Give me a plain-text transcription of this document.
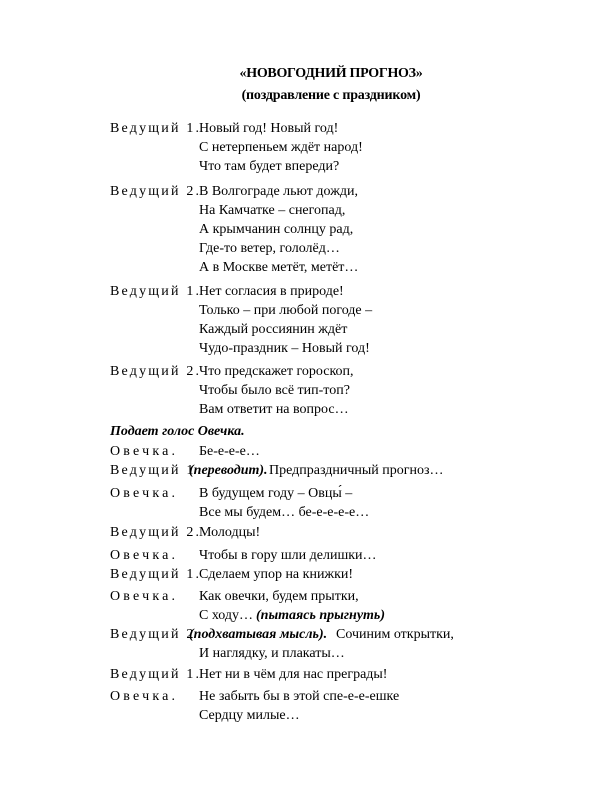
«НОВОГОДНИЙ ПРОГНОЗ»
(поздравление с праздником)
Ведущий 1.
Новый год! Новый год!
С нетерпеньем ждёт народ!
Что там будет впереди?
Ведущий 2.
В Волгограде льют дожди,
На Камчатке – снегопад,
А крымчанин солнцу рад,
Где-то ветер, гололёд…
А в Москве метёт, метёт…
Ведущий 1.
Нет согласия в природе!
Только – при любой погоде –
Каждый россиянин ждёт
Чудо-праздник – Новый год!
Ведущий 2.
Что предскажет гороскоп,
Чтобы было всё тип-топ?
Вам ответит на вопрос…
Подает голос Овечка.
Овечка. Бе-е-е-е…
Ведущий 1
(переводит). Предпраздничный прогноз…
Овечка. В будущем году – Овцы́ –
Все мы будем… бе-е-е-е-е…
Ведущий 2.
Молодцы!
Овечка. Чтобы в гору шли делишки…
Ведущий 1.
Сделаем упор на книжки!
Овечка. Как овечки, будем прытки,
С ходу… (пытаясь прыгнуть)
Ведущий 2
(подхватывая мысль). Сочиним открытки,
И наглядку, и плакаты…
Ведущий 1.
Нет ни в чём для нас преграды!
Овечка. Не забыть бы в этой спе-е-е-ешке
Сердцу милые…
